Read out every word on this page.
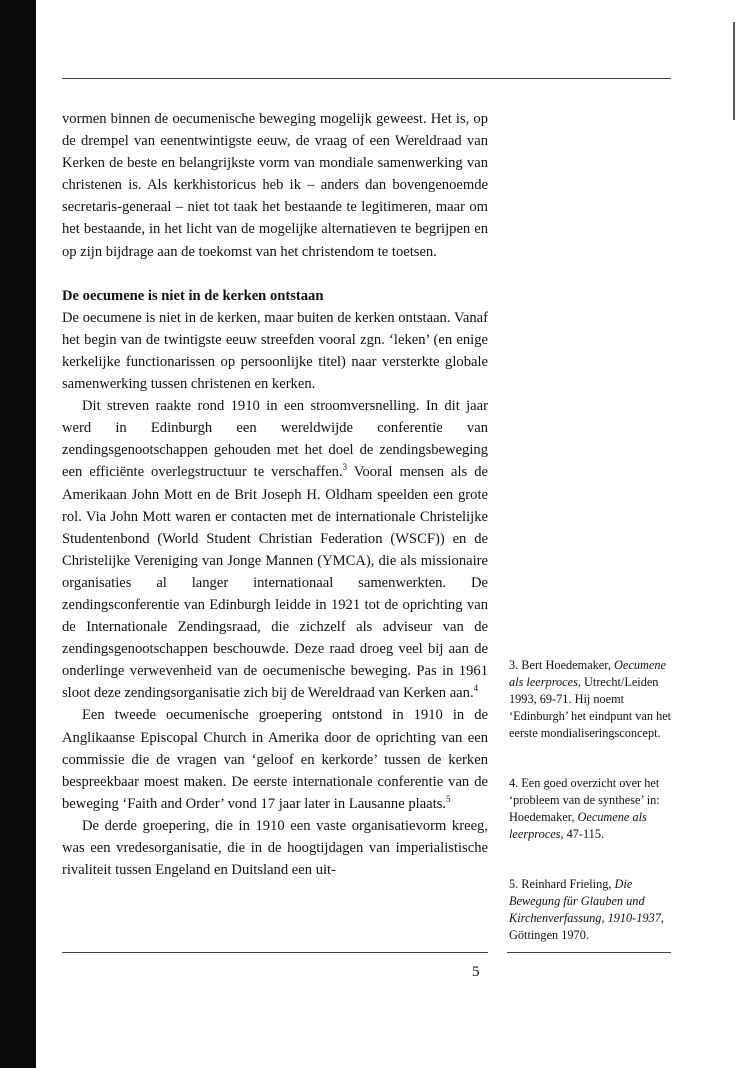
vormen binnen de oecumenische beweging mogelijk geweest. Het is, op de drempel van eenentwintigste eeuw, de vraag of een Wereldraad van Kerken de beste en belangrijkste vorm van mondiale samenwerking van christenen is. Als kerkhistoricus heb ik – anders dan bovengenoemde secretaris-generaal – niet tot taak het bestaande te legitimeren, maar om het bestaande, in het licht van de mogelijke alternatieven te begrijpen en op zijn bijdrage aan de toekomst van het christendom te toetsen.

De oecumene is niet in de kerken ontstaan

De oecumene is niet in de kerken, maar buiten de kerken ontstaan. Vanaf het begin van de twintigste eeuw streefden vooral zgn. ‘leken’ (en enige kerkelijke functionarissen op persoonlijke titel) naar versterkte globale samenwerking tussen christenen en kerken.

Dit streven raakte rond 1910 in een stroomversnelling. In dit jaar werd in Edinburgh een wereldwijde conferentie van zendingsgenootschappen gehouden met het doel de zendingsbeweging een efficiënte overlegstructuur te verschaffen.$^3$ Vooral mensen als de Amerikaan John Mott en de Brit Joseph H. Oldham speelden een grote rol. Via John Mott waren er contacten met de internationale Christelijke Studentenbond (World Student Christian Federation (WSCF)) en de Christelijke Vereniging van Jonge Mannen (YMCA), die als missionaire organisaties al langer internationaal samenwerkten. De zendingsconferentie van Edinburgh leidde in 1921 tot de oprichting van de Internationale Zendingsraad, die zichzelf als adviseur van de zendingsgenootschappen beschouwde. Deze raad droeg veel bij aan de onderlinge verwevenheid van de oecumenische beweging. Pas in 1961 sloot deze zendingsorganisatie zich bij de Wereldraad van Kerken aan.$^4$

Een tweede oecumenische groepering ontstond in 1910 in de Anglikaanse Episcopal Church in Amerika door de oprichting van een commissie die de vragen van ‘geloof en kerkorde’ tussen de kerken bespreekbaar moest maken. De eerste internationale conferentie van de beweging ‘Faith and Order’ vond 17 jaar later in Lausanne plaats.$^5$

De derde groepering, die in 1910 een vaste organisatievorm kreeg, was een vredesorganisatie, die in de hoogtijdagen van imperialistische rivaliteit tussen Engeland en Duitsland een uit-

3. Bert Hoedemaker, Oecumene als leerproces, Utrecht/Leiden 1993, 69-71. Hij noemt ‘Edinburgh’ het eindpunt van het eerste mondialiseringsconcept.
4. Een goed overzicht over het ‘probleem van de synthese’ in: Hoedemaker, Oecumene als leerproces, 47-115.
5. Reinhard Frieling, Die Bewegung für Glauben und Kirchenverfassung, 1910-1937, Göttingen 1970.
5
